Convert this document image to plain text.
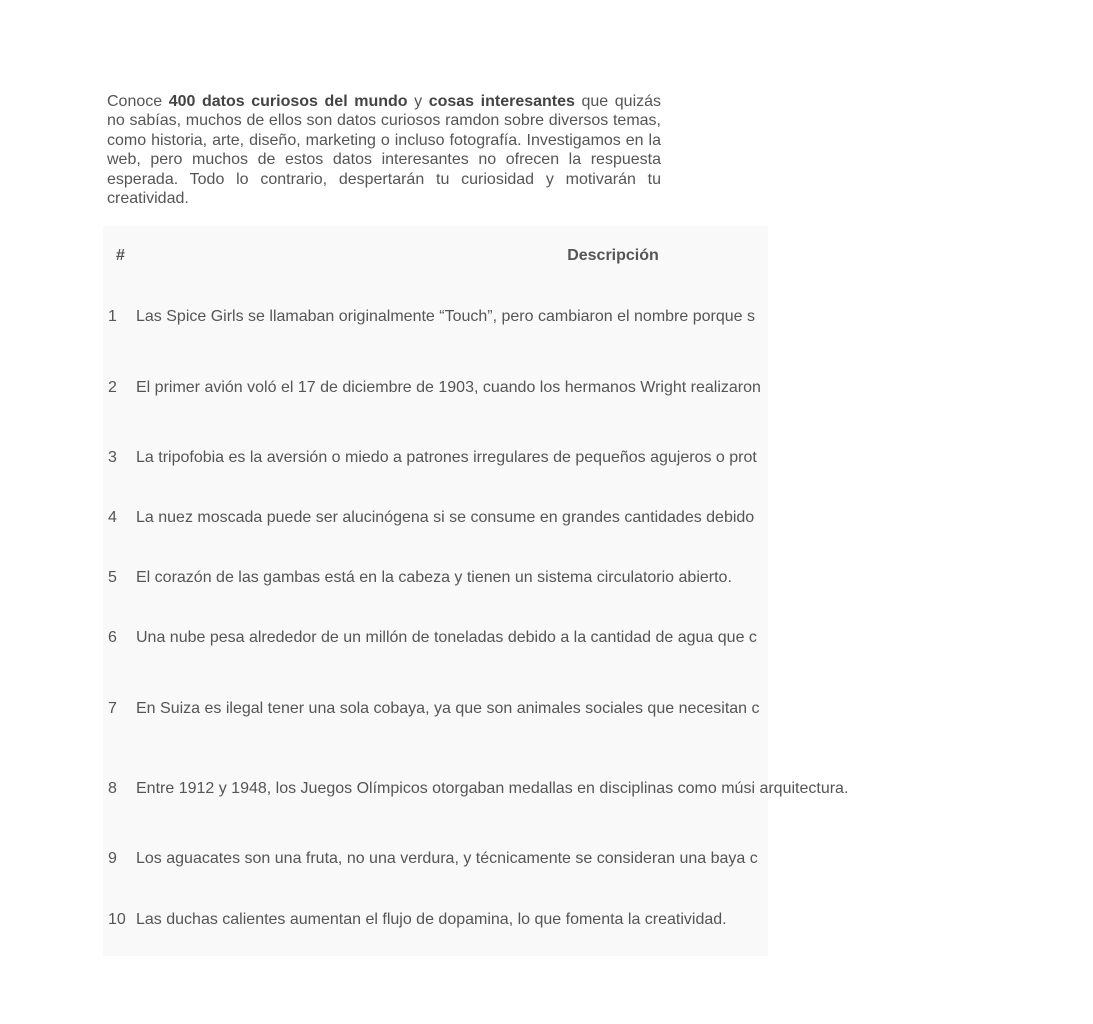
Conoce 400 datos curiosos del mundo y cosas interesantes que quizás no sabías, muchos de ellos son datos curiosos ramdon sobre diversos temas, como historia, arte, diseño, marketing o incluso fotografía. Investigamos en la web, pero muchos de estos datos interesantes no ofrecen la respuesta esperada. Todo lo contrario, despertarán tu curiosidad y motivarán tu creatividad.

#	Descripción
1	Las Spice Girls se llamaban originalmente “Touch”, pero cambiaron el nombre porque s
2	El primer avión voló el 17 de diciembre de 1903, cuando los hermanos Wright realizaron
3	La tripofobia es la aversión o miedo a patrones irregulares de pequeños agujeros o prot
4	La nuez moscada puede ser alucinógena si se consume en grandes cantidades debido
5	El corazón de las gambas está en la cabeza y tienen un sistema circulatorio abierto.
6	Una nube pesa alrededor de un millón de toneladas debido a la cantidad de agua que c
7	En Suiza es ilegal tener una sola cobaya, ya que son animales sociales que necesitan c
8	Entre 1912 y 1948, los Juegos Olímpicos otorgaban medallas en disciplinas como músi arquitectura.
9	Los aguacates son una fruta, no una verdura, y técnicamente se consideran una baya c
10	Las duchas calientes aumentan el flujo de dopamina, lo que fomenta la creatividad.
